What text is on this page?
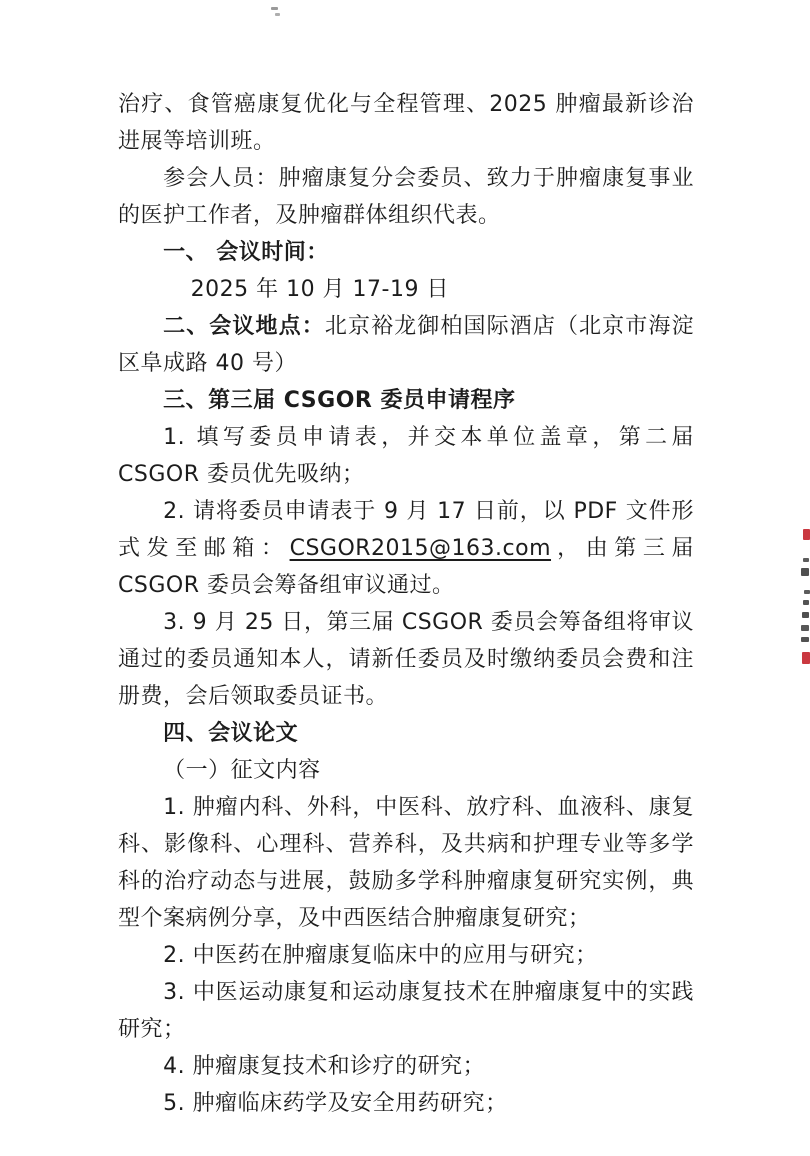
治疗、食管癌康复优化与全程管理、2025 肿瘤最新诊治进展等培训班。

参会人员：肿瘤康复分会委员、致力于肿瘤康复事业的医护工作者，及肿瘤群体组织代表。

一、 会议时间：

2025 年 10 月 17-19 日

二、会议地点：北京裕龙御柏国际酒店（北京市海淀区阜成路 40 号）

三、第三届 CSGOR 委员申请程序

1. 填写委员申请表，并交本单位盖章，第二届 CSGOR 委员优先吸纳；

2. 请将委员申请表于 9 月 17 日前，以 PDF 文件形式发至邮箱：CSGOR2015@163.com，由第三届 CSGOR 委员会筹备组审议通过。

3. 9 月 25 日，第三届 CSGOR 委员会筹备组将审议通过的委员通知本人，请新任委员及时缴纳委员会费和注册费，会后领取委员证书。

四、会议论文

（一）征文内容

1. 肿瘤内科、外科，中医科、放疗科、血液科、康复科、影像科、心理科、营养科，及共病和护理专业等多学科的治疗动态与进展，鼓励多学科肿瘤康复研究实例，典型个案病例分享，及中西医结合肿瘤康复研究；

2. 中医药在肿瘤康复临床中的应用与研究；

3. 中医运动康复和运动康复技术在肿瘤康复中的实践研究；

4. 肿瘤康复技术和诊疗的研究；

5. 肿瘤临床药学及安全用药研究；
